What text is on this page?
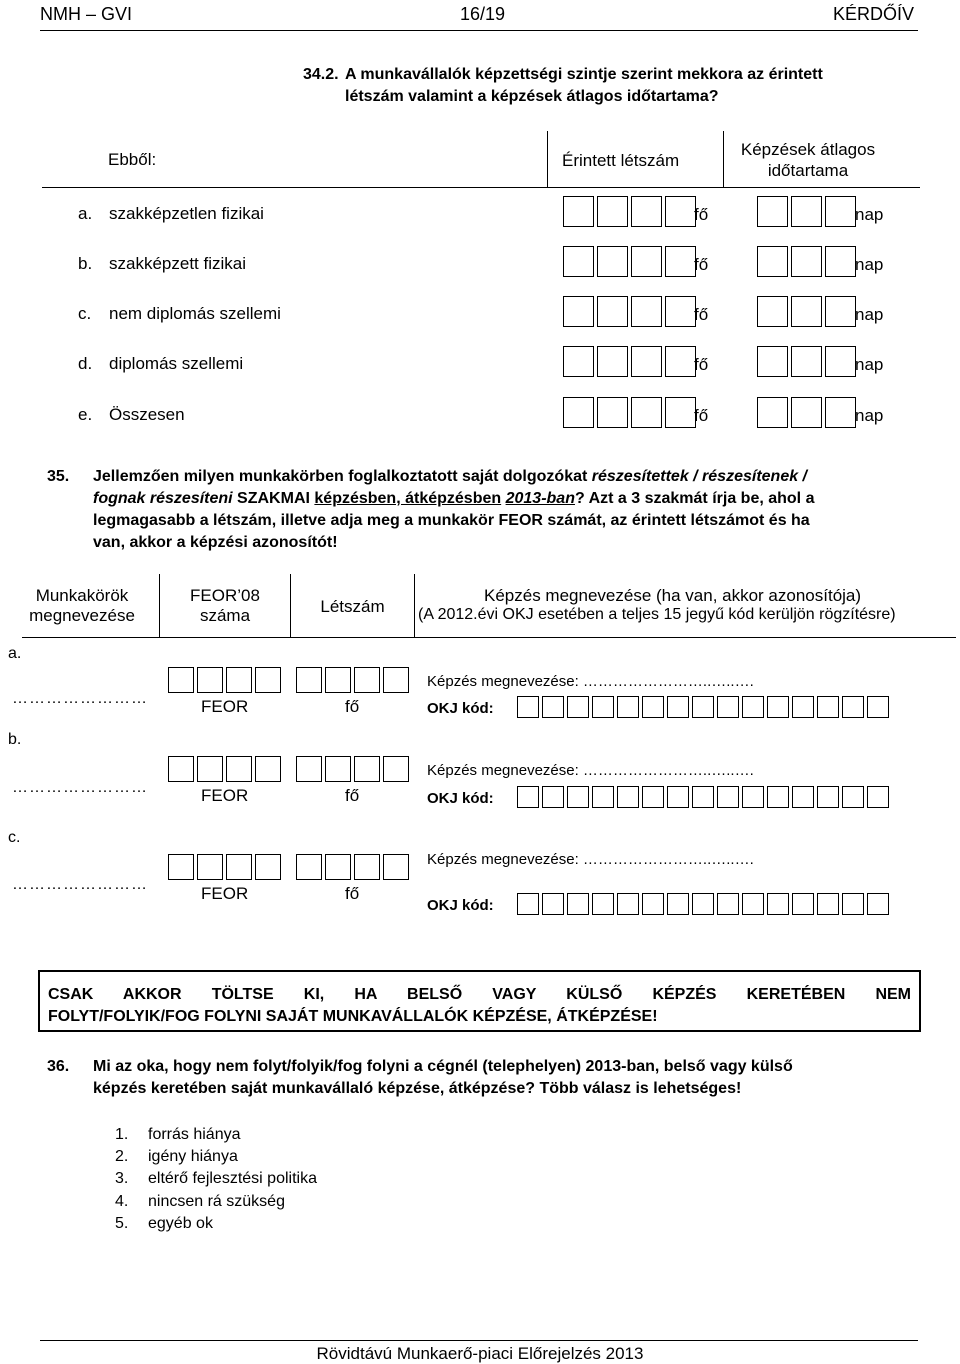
NMH – GVI	16/19	KÉRDŐÍV
34.2. A munkavállalók képzettségi szintje szerint mekkora az érintett
létszám valamint a képzések átlagos időtartama?
Ebből:	Érintett létszám
Képzések átlagos
időtartama
a. szakképzetlen fizikai	fő	nap
b. szakképzett fizikai	fő	nap
c. nem diplomás szellemi	fő	nap
d. diplomás szellemi	fő	nap
e. Összesen	fő	nap
35. Jellemzően milyen munkakörben foglalkoztatott saját dolgozókat részesítettek / részesítenek /
fognak részesíteni SZAKMAI képzésben, átképzésben 2013-ban? Azt a 3 szakmát írja be, ahol a
legmagasabb a létszám, illetve adja meg a munkakör FEOR számát, az érintett létszámot és ha
van, akkor a képzési azonosítót!
Munkakörök
megnevezése
FEOR’08
száma	Létszám
Képzés megnevezése (ha van, akkor azonosítója)
(A 2012.évi OKJ esetében a teljes 15 jegyű kód kerüljön rögzítésre)
a.
……………………	FEOR	fő
Képzés megnevezése: ……………………..…..….
OKJ kód:
b.
……………………	FEOR	fő
Képzés megnevezése: ……………………..…..….
OKJ kód:
c.
……………………	FEOR	fő
Képzés megnevezése: ……………………..…..….
OKJ kód:
CSAK AKKOR TÖLTSE KI, HA BELSŐ VAGY KÜLSŐ KÉPZÉS KERETÉBEN NEM
FOLYT/FOLYIK/FOG FOLYNI SAJÁT MUNKAVÁLLALÓK KÉPZÉSE, ÁTKÉPZÉSE!
36. Mi az oka, hogy nem folyt/folyik/fog folyni a cégnél (telephelyen) 2013-ban, belső vagy külső
képzés keretében saját munkavállaló képzése, átképzése? Több válasz is lehetséges!
1. forrás hiánya
2. igény hiánya
3. eltérő fejlesztési politika
4. nincsen rá szükség
5. egyéb ok
Rövidtávú Munkaerő-piaci Előrejelzés 2013
